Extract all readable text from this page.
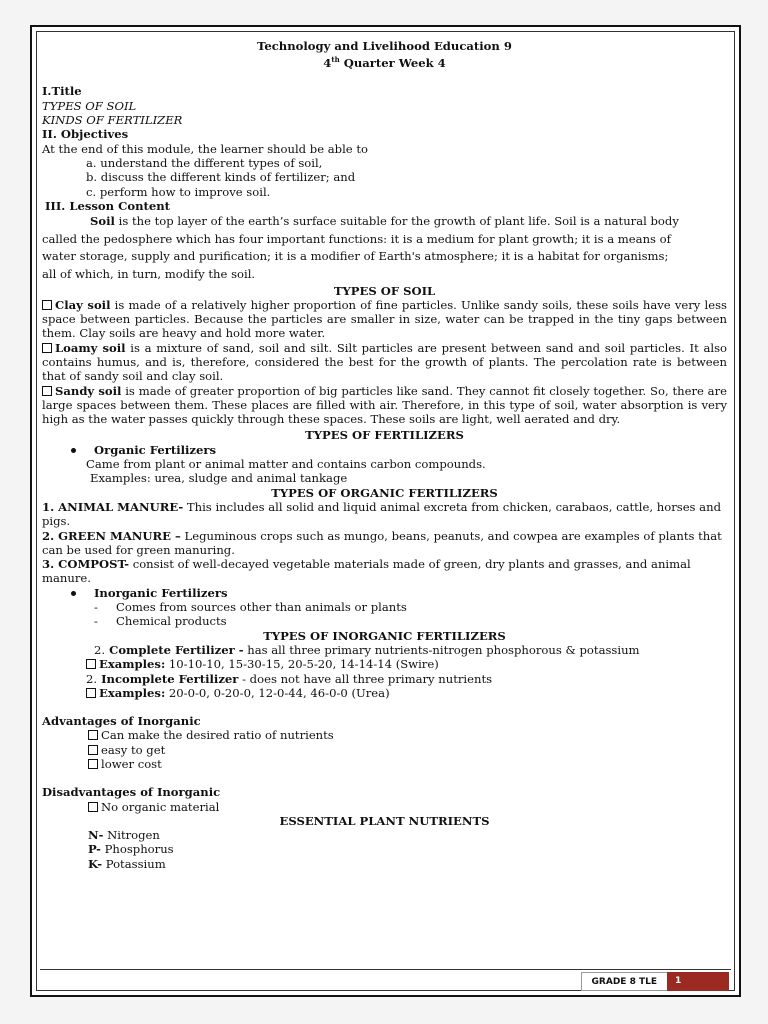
Technology and Livelihood Education 9
4th Quarter Week 4
I.Title
TYPES OF SOIL
KINDS OF FERTILIZER
II. Objectives
At the end of this module, the learner should be able to
a. understand the different types of soil,
b. discuss the different kinds of fertilizer; and
c. perform how to improve soil.
III. Lesson Content
Soil is the top layer of the earth’s surface suitable for the growth of plant life. Soil is a natural body
called the pedosphere which has four important functions: it is a medium for plant growth; it is a means of
water storage, supply and purification; it is a modifier of Earth's atmosphere; it is a habitat for organisms;
all of which, in turn, modify the soil.
TYPES OF SOIL
Clay soil is made of a relatively higher proportion of fine particles. Unlike sandy soils, these soils have very less space between particles. Because the particles are smaller in size, water can be trapped in the tiny gaps between them. Clay soils are heavy and hold more water.
Loamy soil is a mixture of sand, soil and silt. Silt particles are present between sand and soil particles. It also contains humus, and is, therefore, considered the best for the growth of plants. The percolation rate is between that of sandy soil and clay soil.
Sandy soil is made of greater proportion of big particles like sand. They cannot fit closely together. So, there are large spaces between them. These places are filled with air. Therefore, in this type of soil, water absorption is very high as the water passes quickly through these spaces. These soils are light, well aerated and dry.
TYPES OF FERTILIZERS
Organic Fertilizers
Came from plant or animal matter and contains carbon compounds.
Examples: urea, sludge and animal tankage
TYPES OF ORGANIC FERTILIZERS
1. ANIMAL MANURE- This includes all solid and liquid animal excreta from chicken, carabaos, cattle, horses and pigs.
2. GREEN MANURE – Leguminous crops such as mungo, beans, peanuts, and cowpea are examples of plants that can be used for green manuring.
3. COMPOST- consist of well-decayed vegetable materials made of green, dry plants and grasses, and animal manure.
Inorganic Fertilizers
- Comes from sources other than animals or plants
- Chemical products
TYPES OF INORGANIC FERTILIZERS
2. Complete Fertilizer - has all three primary nutrients-nitrogen phosphorous & potassium
Examples: 10-10-10, 15-30-15, 20-5-20, 14-14-14 (Swire)
2. Incomplete Fertilizer - does not have all three primary nutrients
Examples: 20-0-0, 0-20-0, 12-0-44, 46-0-0 (Urea)
Advantages of Inorganic
Can make the desired ratio of nutrients
easy to get
lower cost
Disadvantages of Inorganic
No organic material
ESSENTIAL PLANT NUTRIENTS
N- Nitrogen
P- Phosphorus
K- Potassium
GRADE 8 TLE	1
